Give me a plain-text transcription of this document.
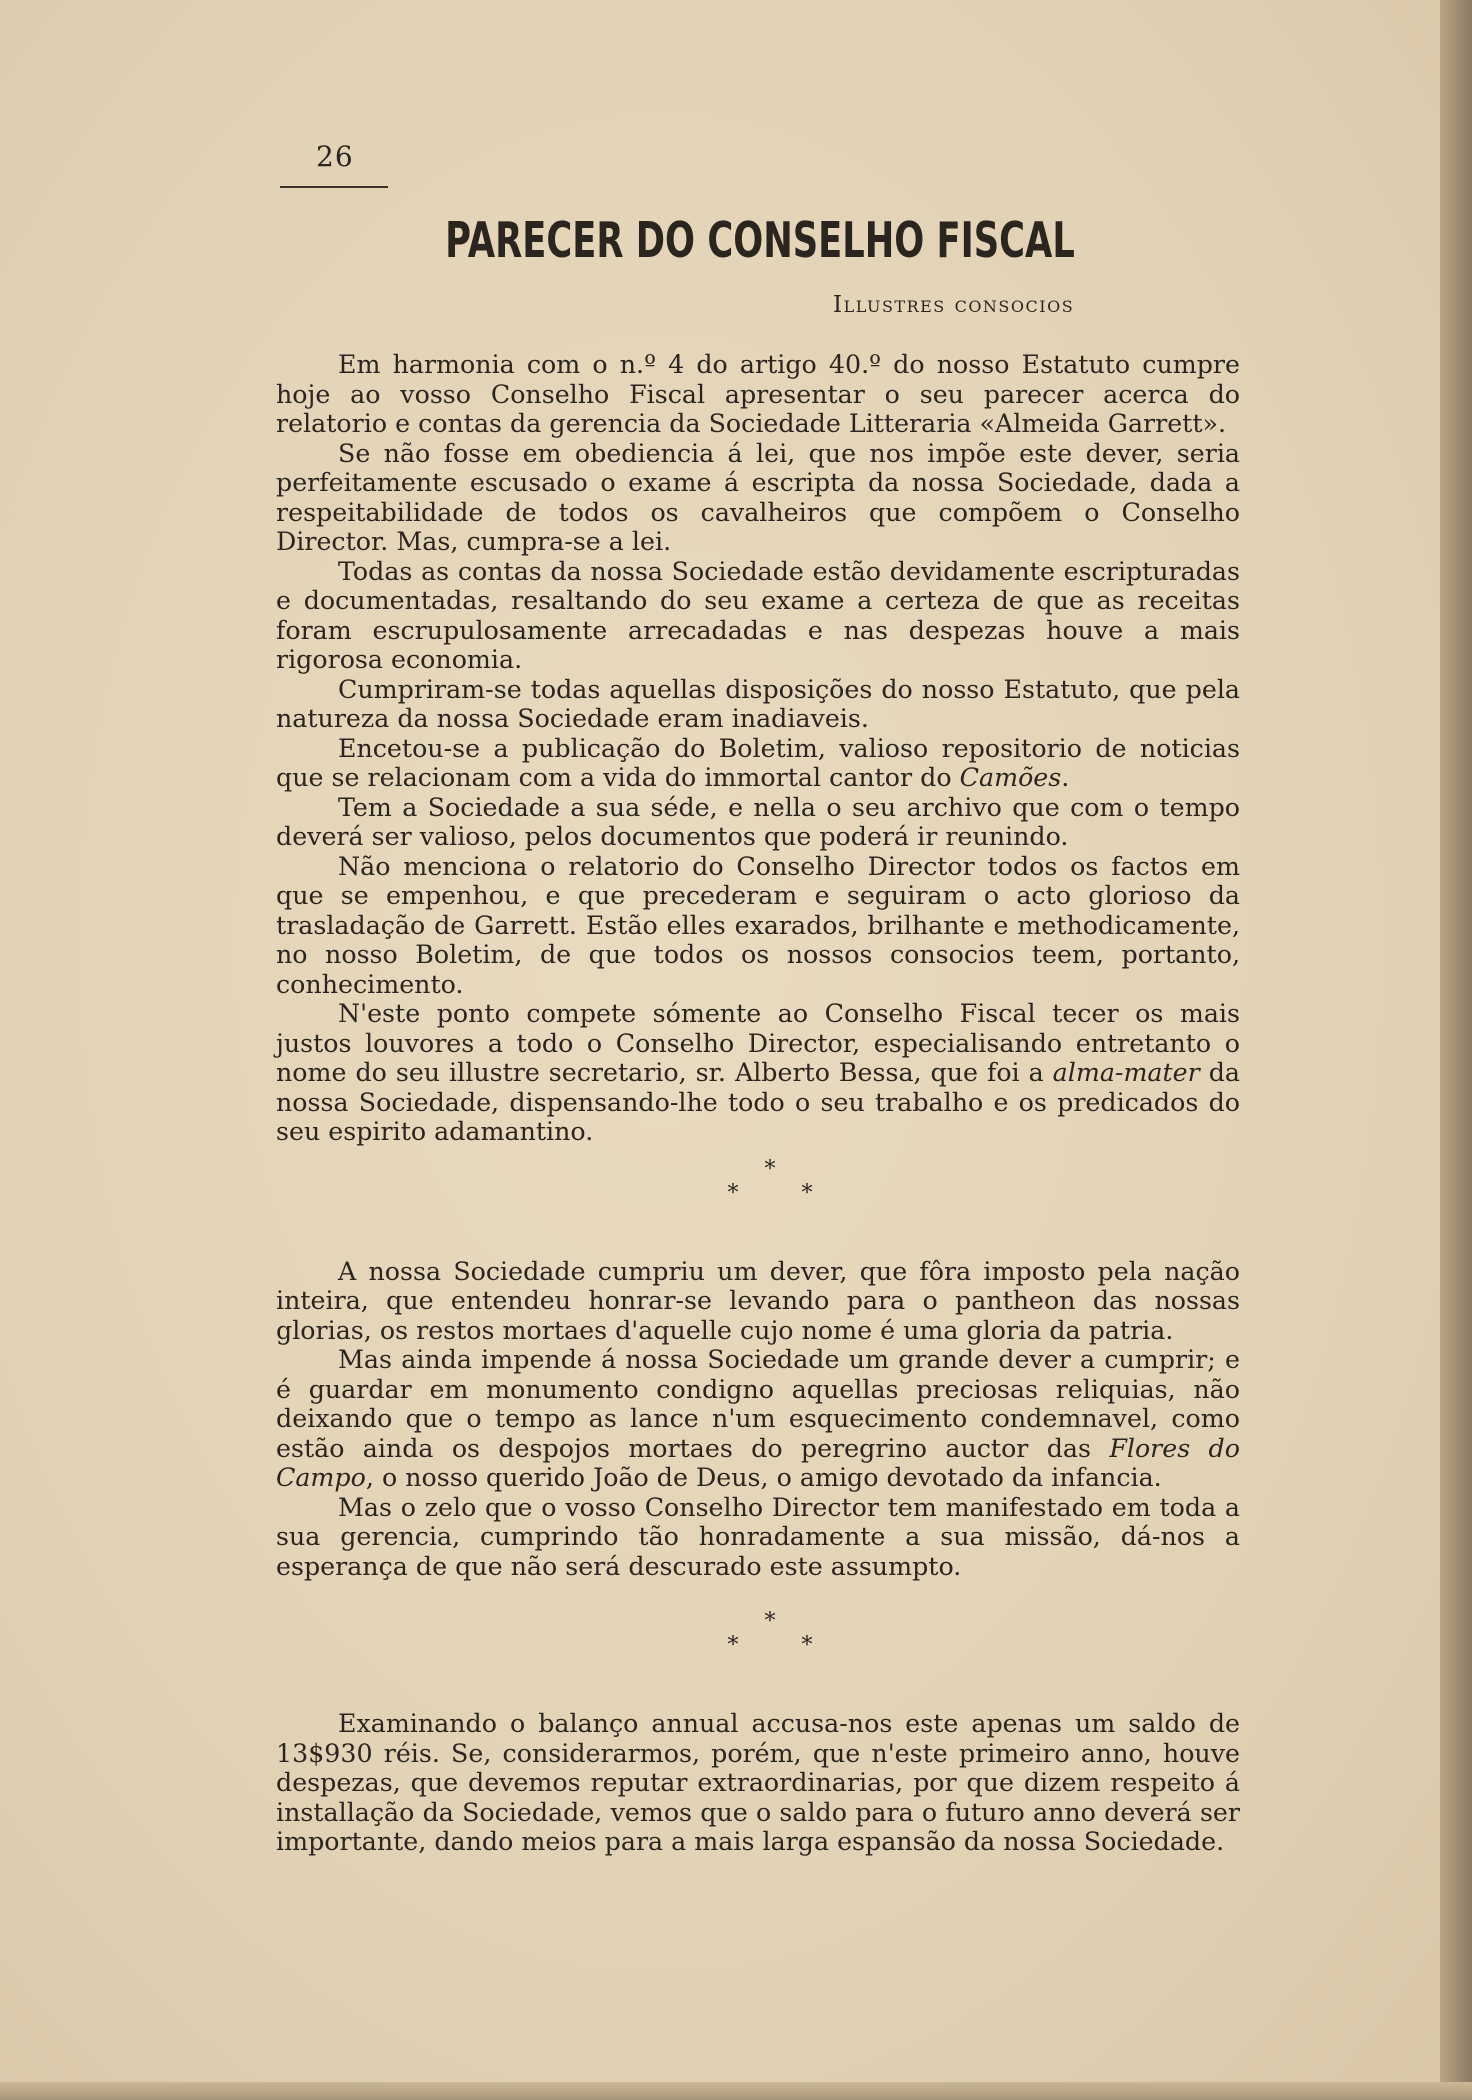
26
PARECER DO CONSELHO FISCAL
Illustres consocios

Em harmonia com o n.º 4 do artigo 40.º do nosso Estatuto cumpre hoje ao vosso Conselho Fiscal apresentar o seu parecer acerca do relatorio e contas da gerencia da Sociedade Litteraria «Almeida Garrett».

Se não fosse em obediencia á lei, que nos impõe este dever, seria perfeitamente escusado o exame á escripta da nossa Sociedade, dada a respeitabilidade de todos os cavalheiros que compõem o Conselho Director. Mas, cumpra-se a lei.

Todas as contas da nossa Sociedade estão devidamente escripturadas e documentadas, resaltando do seu exame a certeza de que as receitas foram escrupulosamente arrecadadas e nas despezas houve a mais rigorosa economia.

Cumpriram-se todas aquellas disposições do nosso Estatuto, que pela natureza da nossa Sociedade eram inadiaveis.

Encetou-se a publicação do Boletim, valioso repositorio de noticias que se relacionam com a vida do immortal cantor do Camões.

Tem a Sociedade a sua séde, e nella o seu archivo que com o tempo deverá ser valioso, pelos documentos que poderá ir reunindo.

Não menciona o relatorio do Conselho Director todos os factos em que se empenhou, e que precederam e seguiram o acto glorioso da trasladação de Garrett. Estão elles exarados, brilhante e methodicamente, no nosso Boletim, de que todos os nossos consocios teem, portanto, conhecimento.

N'este ponto compete sómente ao Conselho Fiscal tecer os mais justos louvores a todo o Conselho Director, especialisando entretanto o nome do seu illustre secretario, sr. Alberto Bessa, que foi a alma-mater da nossa Sociedade, dispensando-lhe todo o seu trabalho e os predicados do seu espirito adamantino.

*
*	*

A nossa Sociedade cumpriu um dever, que fôra imposto pela nação inteira, que entendeu honrar-se levando para o pantheon das nossas glorias, os restos mortaes d'aquelle cujo nome é uma gloria da patria.

Mas ainda impende á nossa Sociedade um grande dever a cumprir; e é guardar em monumento condigno aquellas preciosas reliquias, não deixando que o tempo as lance n'um esquecimento condemnavel, como estão ainda os despojos mortaes do peregrino auctor das Flores do Campo, o nosso querido João de Deus, o amigo devotado da infancia.

Mas o zelo que o vosso Conselho Director tem manifestado em toda a sua gerencia, cumprindo tão honradamente a sua missão, dá-nos a esperança de que não será descurado este assumpto.

*
*	*

Examinando o balanço annual accusa-nos este apenas um saldo de 13$930 réis. Se, considerarmos, porém, que n'este primeiro anno, houve despezas, que devemos reputar extraordinarias, por que dizem respeito á installação da Sociedade, vemos que o saldo para o futuro anno deverá ser importante, dando meios para a mais larga espansão da nossa Sociedade.
